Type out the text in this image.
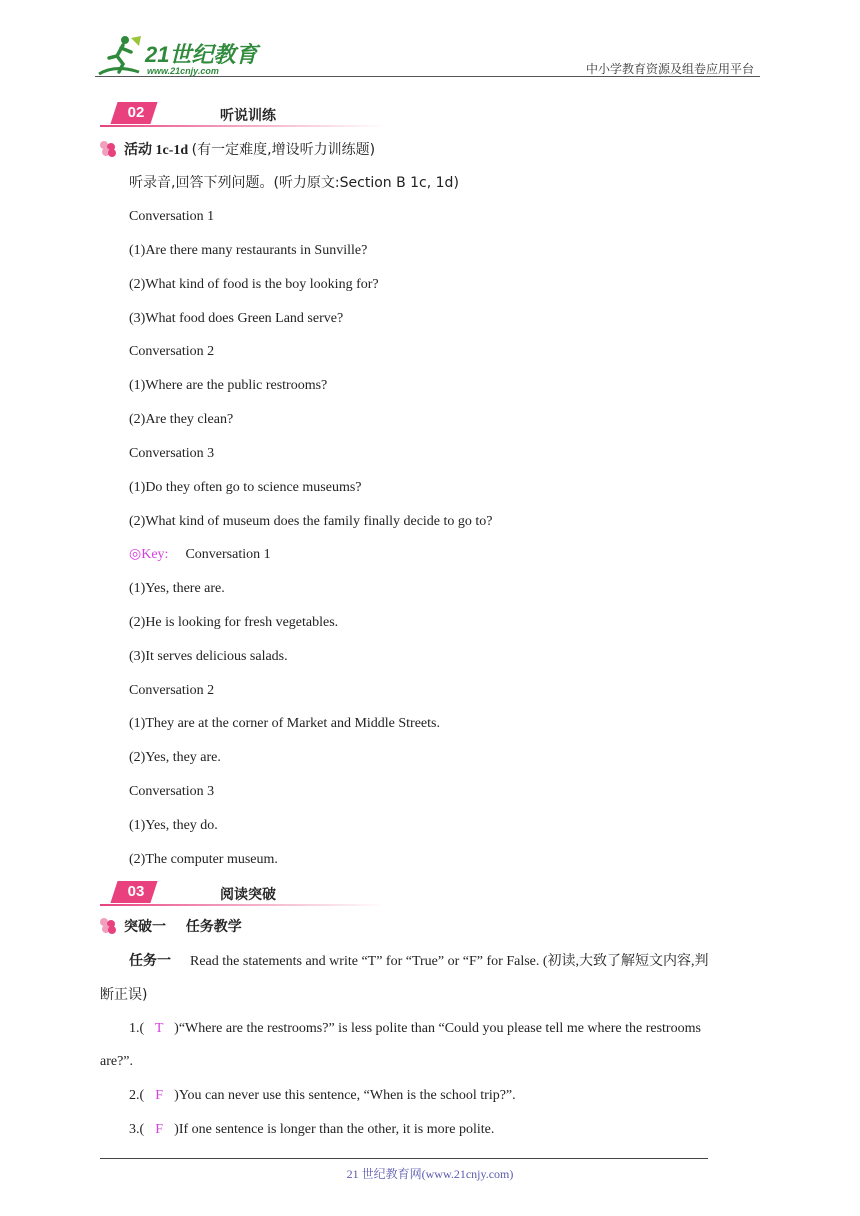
21世纪教育
www.21cnjy.com	中小学教育资源及组卷应用平台
02	听说训练
活动 1c-1d (有一定难度,增设听力训练题)
听录音,回答下列问题。(听力原文:Section B 1c, 1d)
Conversation 1
(1)Are there many restaurants in Sunville?
(2)What kind of food is the boy looking for?
(3)What food does Green Land serve?
Conversation 2
(1)Where are the public restrooms?
(2)Are they clean?
Conversation 3
(1)Do they often go to science museums?
(2)What kind of museum does the family finally decide to go to?
◎Key: Conversation 1
(1)Yes, there are.
(2)He is looking for fresh vegetables.
(3)It serves delicious salads.
Conversation 2
(1)They are at the corner of Market and Middle Streets.
(2)Yes, they are.
Conversation 3
(1)Yes, they do.
(2)The computer museum.
03	阅读突破
突破一 任务教学
任务一 Read the statements and write “T” for “True” or “F” for False. (初读,大致了解短文内容,判
断正误)
1.( T )“Where are the restrooms?” is less polite than “Could you please tell me where the restrooms
are?”.
2.( F )You can never use this sentence, “When is the school trip?”.
3.( F )If one sentence is longer than the other, it is more polite.
21 世纪教育网(www.21cnjy.com)
